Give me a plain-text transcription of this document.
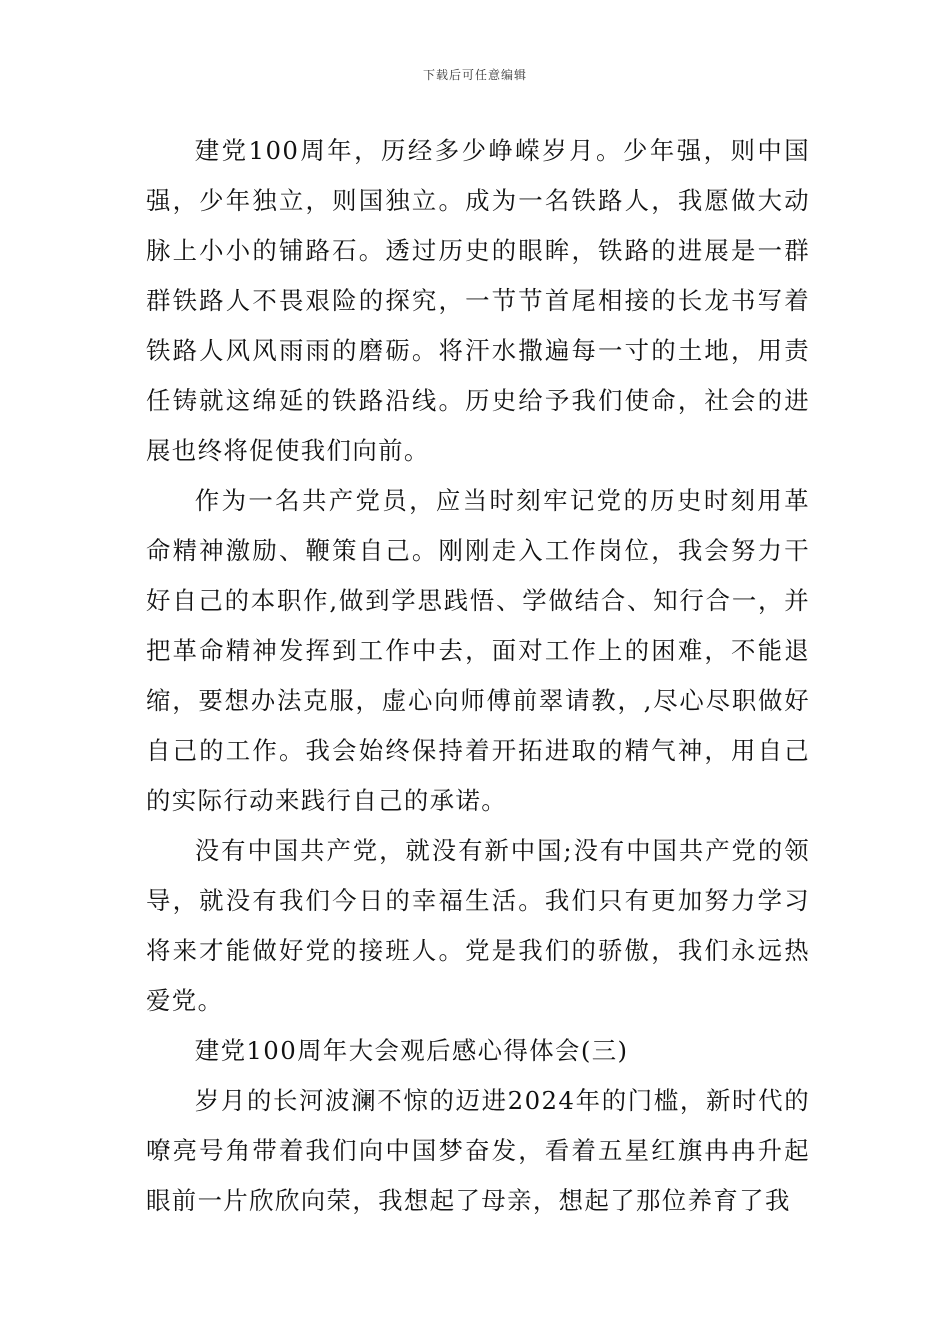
下载后可任意编辑

建党100周年，历经多少峥嵘岁月。少年强，则中国强，少年独立，则国独立。成为一名铁路人，我愿做大动脉上小小的铺路石。透过历史的眼眸，铁路的进展是一群群铁路人不畏艰险的探究，一节节首尾相接的长龙书写着铁路人风风雨雨的磨砺。将汗水撒遍每一寸的土地，用责任铸就这绵延的铁路沿线。历史给予我们使命，社会的进展也终将促使我们向前。

作为一名共产党员，应当时刻牢记党的历史时刻用革命精神激励、鞭策自己。刚刚走入工作岗位，我会努力干好自己的本职作,做到学思践悟、学做结合、知行合一，并把革命精神发挥到工作中去，面对工作上的困难，不能退缩，要想办法克服，虚心向师傅前翠请教，,尽心尽职做好自己的工作。我会始终保持着开拓进取的精气神，用自己的实际行动来践行自己的承诺。

没有中国共产党，就没有新中国;没有中国共产党的领导，就没有我们今日的幸福生活。我们只有更加努力学习将来才能做好党的接班人。党是我们的骄傲，我们永远热爱党。

建党100周年大会观后感心得体会(三)

岁月的长河波澜不惊的迈进2024年的门槛，新时代的嘹亮号角带着我们向中国梦奋发，看着五星红旗冉冉升起眼前一片欣欣向荣，我想起了母亲，想起了那位养育了我
